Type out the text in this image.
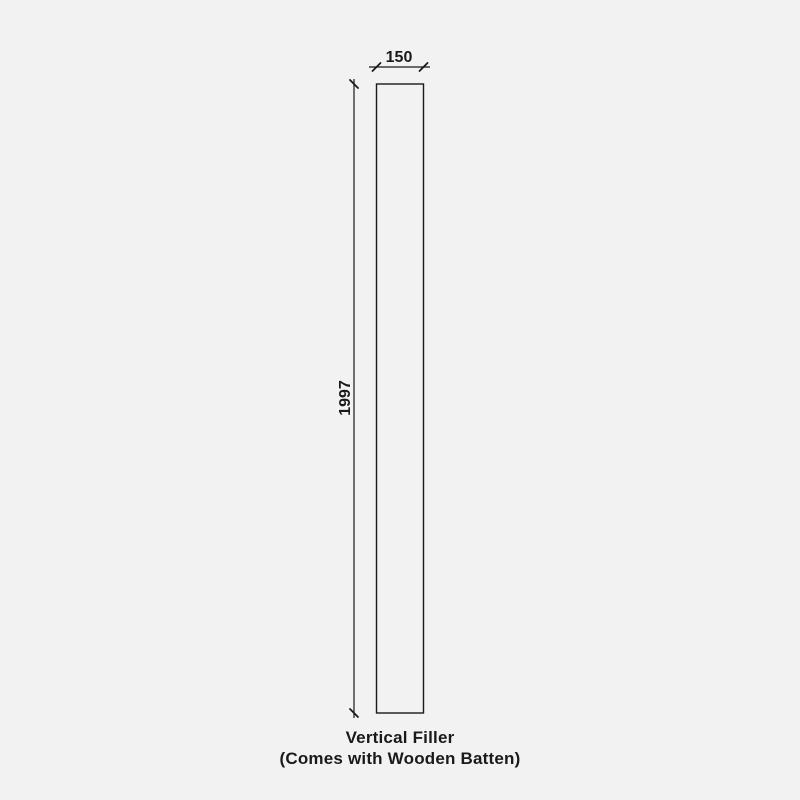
150
1997
Vertical Filler
(Comes with Wooden Batten)
